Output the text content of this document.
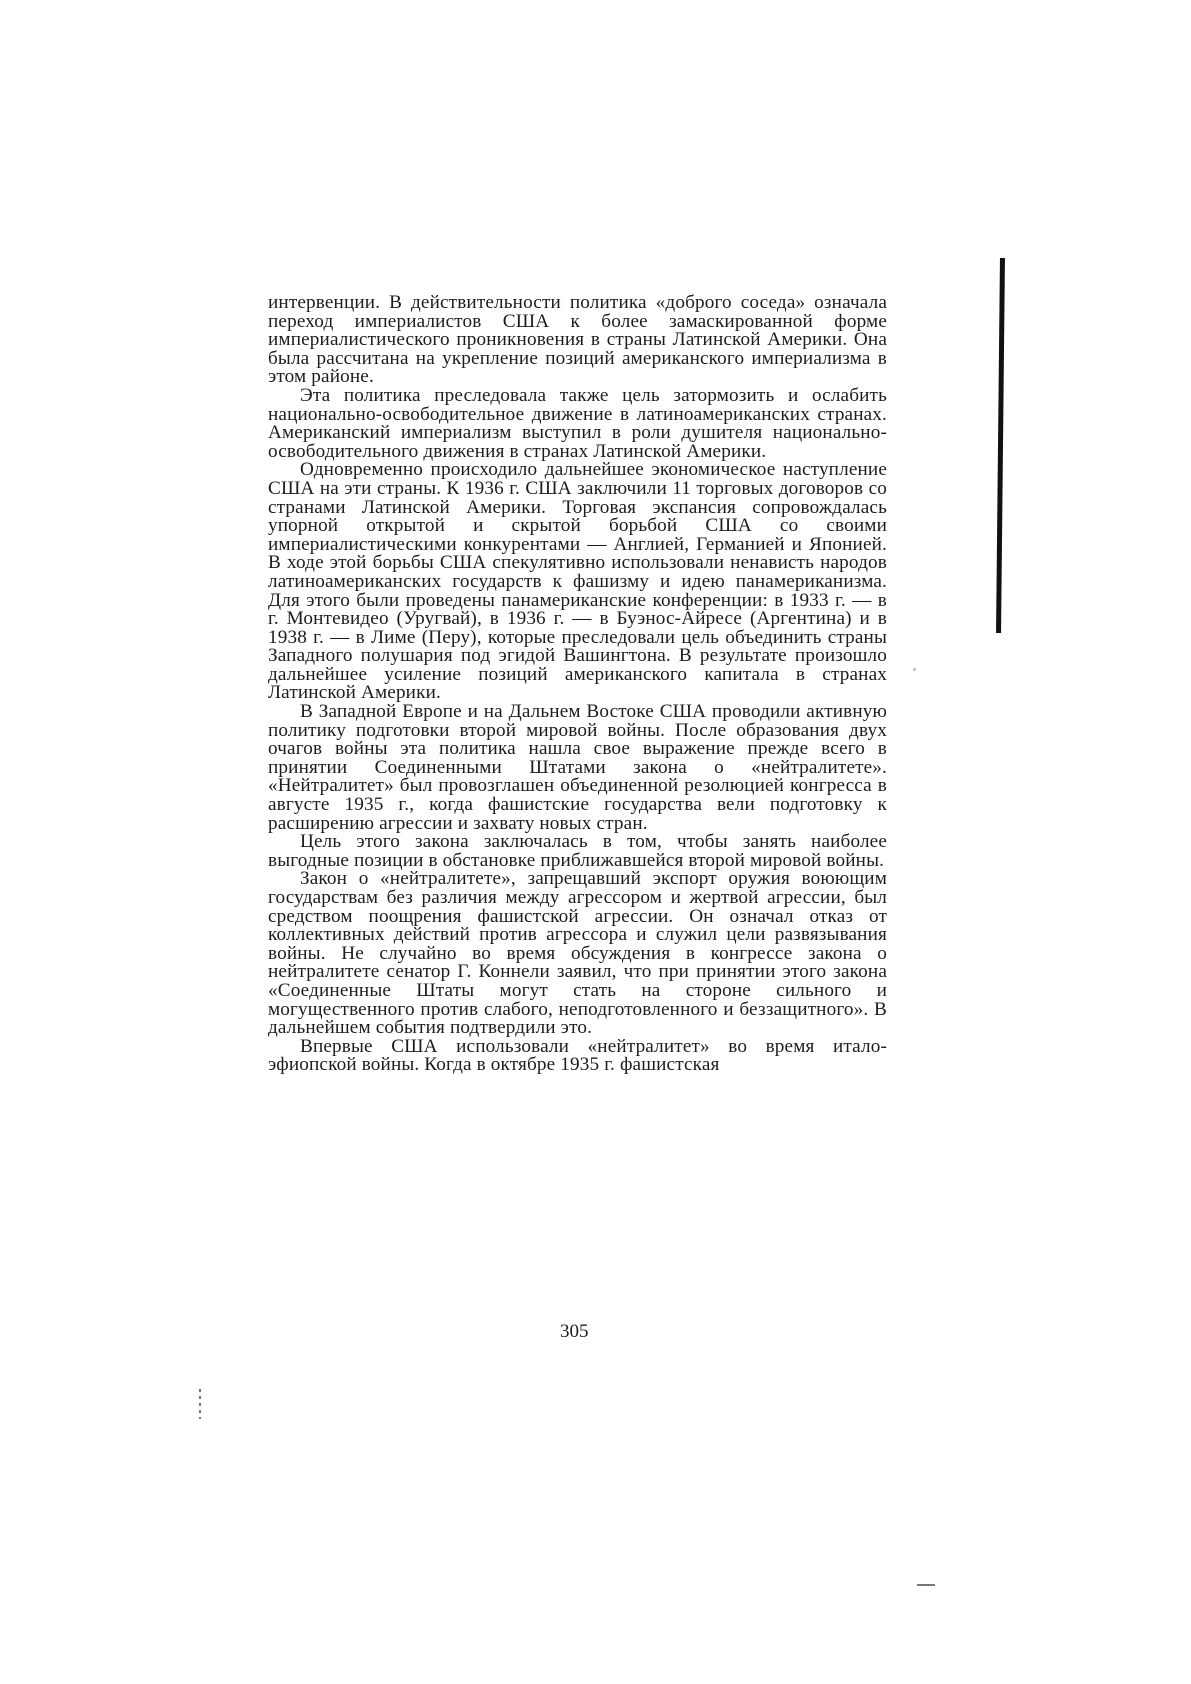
интервенции. В действительности политика «доброго соседа» означала переход империалистов США к более замаскированной форме империалистического проникновения в страны Латинской Америки. Она была рассчитана на укрепление позиций американского империализма в этом районе.

Эта политика преследовала также цель затормозить и ослабить национально-освободительное движение в латиноамериканских странах. Американский империализм выступил в роли душителя национально-освободительного движения в странах Латинской Америки.

Одновременно происходило дальнейшее экономическое наступление США на эти страны. К 1936 г. США заключили 11 торговых договоров со странами Латинской Америки. Торговая экспансия сопровождалась упорной открытой и скрытой борьбой США со своими империалистическими конкурентами — Англией, Германией и Японией. В ходе этой борьбы США спекулятивно использовали ненависть народов латиноамериканских государств к фашизму и идею панамериканизма. Для этого были проведены панамериканские конференции: в 1933 г. — в г. Монтевидео (Уругвай), в 1936 г. — в Буэнос-Айресе (Аргентина) и в 1938 г. — в Лиме (Перу), которые преследовали цель объединить страны Западного полушария под эгидой Вашингтона. В результате произошло дальнейшее усиление позиций американского капитала в странах Латинской Америки.

В Западной Европе и на Дальнем Востоке США проводили активную политику подготовки второй мировой войны. После образования двух очагов войны эта политика нашла свое выражение прежде всего в принятии Соединенными Штатами закона о «нейтралитете». «Нейтралитет» был провозглашен объединенной резолюцией конгресса в августе 1935 г., когда фашистские государства вели подготовку к расширению агрессии и захвату новых стран.

Цель этого закона заключалась в том, чтобы занять наиболее выгодные позиции в обстановке приближавшейся второй мировой войны.

Закон о «нейтралитете», запрещавший экспорт оружия воюющим государствам без различия между агрессором и жертвой агрессии, был средством поощрения фашистской агрессии. Он означал отказ от коллективных действий против агрессора и служил цели развязывания войны. Не случайно во время обсуждения в конгрессе закона о нейтралитете сенатор Г. Коннели заявил, что при принятии этого закона «Соединенные Штаты могут стать на стороне сильного и могущественного против слабого, неподготовленного и беззащитного». В дальнейшем события подтвердили это.

Впервые США использовали «нейтралитет» во время итало-эфиопской войны. Когда в октябре 1935 г. фашистская

305
